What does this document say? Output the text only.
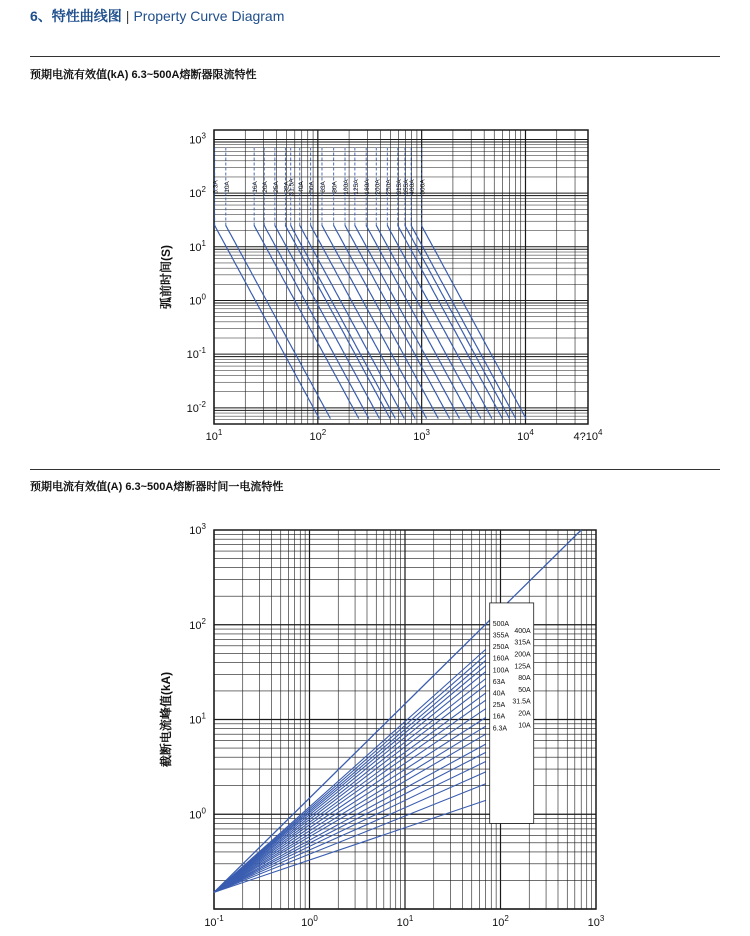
6、特性曲线图 | Property Curve Diagram
预期电流有效值(kA) 6.3~500A熔断器限流特性
$10^1$	$10^2$	$10^3$	$10^4$	$4?10^4$
$10^3$
$10^2$
$10^1$
$10^0$
$10^{-1}$
$10^{-2}$
弧前时间(S)
6.3A 10A	16A 20A 25A 32A
31.5A 40A 50A 63A 80A 100A 125A 160A 200A 250A 315A 355A 400A 500A
预期电流有效值(A) 6.3~500A熔断器时间一电流特性
$10^{-1}$	$10^0$	$10^1$	$10^2$	$10^3$
$10^3$
$10^2$
$10^1$
$10^0$
截断电流峰值(kA)
500A
355A
250A
160A
100A
63A
40A
25A
16A
6.3A
400A
315A
200A
125A
80A
50A
31.5A
20A
10A
